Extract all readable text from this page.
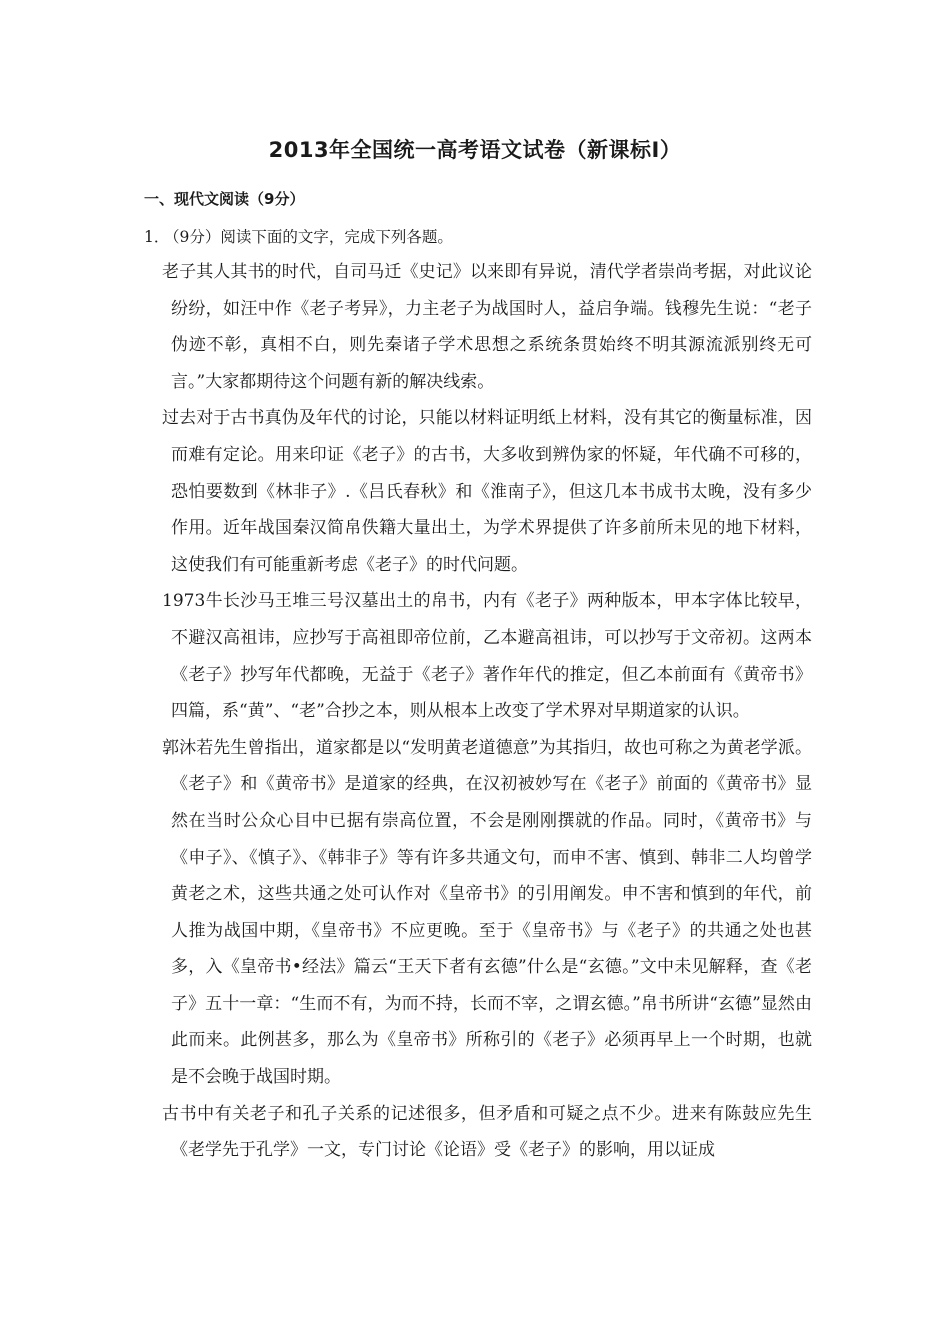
2013年全国统一高考语文试卷（新课标Ⅰ）
一、现代文阅读（9分）
1．（9分）阅读下面的文字，完成下列各题。

老子其人其书的时代，自司马迁《史记》以来即有异说，清代学者崇尚考据，对此议论纷纷，如汪中作《老子考异》，力主老子为战国时人，益启争端。钱穆先生说：“老子伪迹不彰，真相不白，则先秦诸子学术思想之系统条贯始终不明其源流派别终无可言。”大家都期待这个问题有新的解决线索。

过去对于古书真伪及年代的讨论，只能以材料证明纸上材料，没有其它的衡量标准，因而难有定论。用来印证《老子》的古书，大多收到辨伪家的怀疑，年代确不可移的，恐怕要数到《林非子》.《吕氏春秋》和《淮南子》，但这几本书成书太晚，没有多少作用。近年战国秦汉简帛佚籍大量出土，为学术界提供了许多前所未见的地下材料，这使我们有可能重新考虑《老子》的时代问题。

1973牛长沙马王堆三号汉墓出土的帛书，内有《老子》两种版本，甲本字体比较早，不避汉高祖讳，应抄写于高祖即帝位前，乙本避高祖讳，可以抄写于文帝初。这两本《老子》抄写年代都晚，无益于《老子》著作年代的推定，但乙本前面有《黄帝书》四篇，系“黄”、“老”合抄之本，则从根本上改变了学术界对早期道家的认识。

郭沐若先生曾指出，道家都是以“发明黄老道德意”为其指归，故也可称之为黄老学派。《老子》和《黄帝书》是道家的经典，在汉初被妙写在《老子》前面的《黄帝书》显然在当时公众心目中已据有崇高位置，不会是刚刚撰就的作品。同时，《黄帝书》与《申子》、《慎子》、《韩非子》等有许多共通文句，而申不害、慎到、韩非二人均曾学黄老之术，这些共通之处可认作对《皇帝书》的引用阐发。申不害和慎到的年代，前人推为战国中期，《皇帝书》不应更晚。至于《皇帝书》与《老子》的共通之处也甚多，入《皇帝书•经法》篇云“王天下者有玄德”什么是“玄德。”文中未见解释，查《老子》五十一章：“生而不有，为而不持，长而不宰，之谓玄德。”帛书所讲“玄德”显然由此而来。此例甚多，那么为《皇帝书》所称引的《老子》必须再早上一个时期，也就是不会晚于战国时期。

古书中有关老子和孔子关系的记述很多，但矛盾和可疑之点不少。进来有陈鼓应先生《老学先于孔学》一文，专门讨论《论语》受《老子》的影响，用以证成
